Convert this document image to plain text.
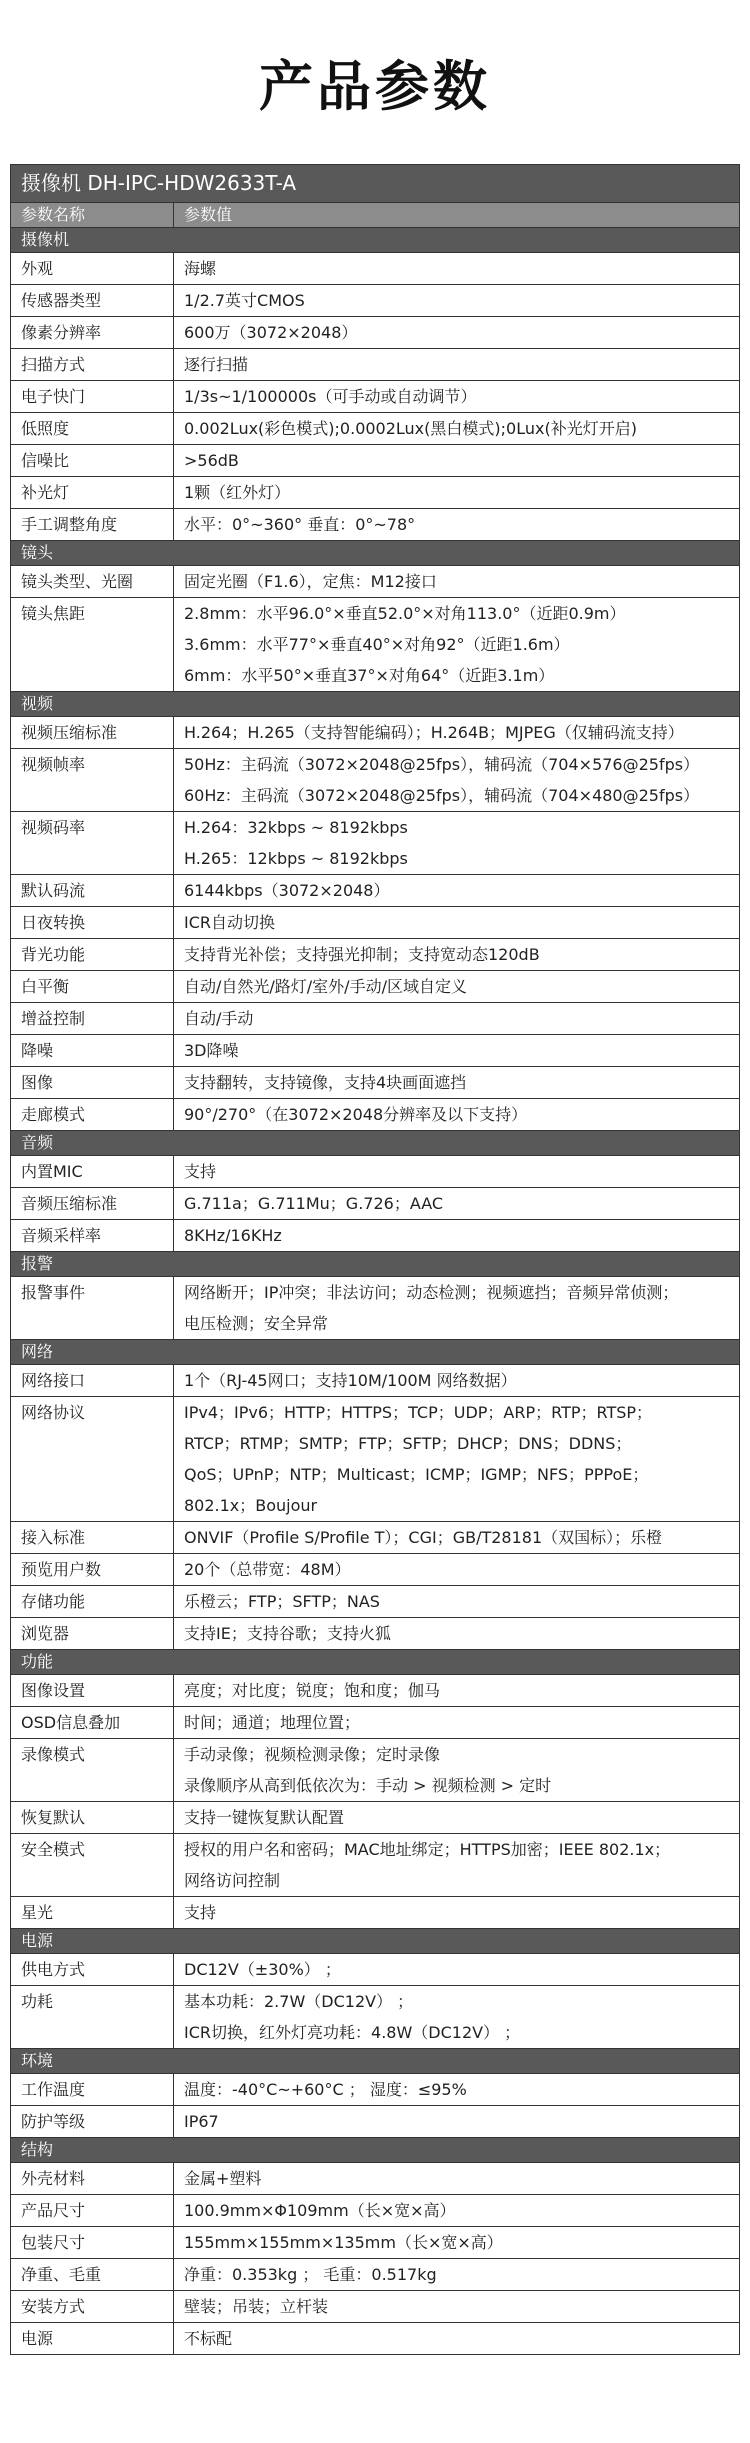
产品参数
摄像机 DH-IPC-HDW2633T-A	
参数名称	参数值
摄像机	
外观	海螺

传感器类型	1/2.7英寸CMOS

像素分辨率	600万（3072×2048）

扫描方式	逐行扫描

电子快门	1/3s~1/100000s（可手动或自动调节）

低照度	0.002Lux(彩色模式);0.0002Lux(黑白模式);0Lux(补光灯开启)

信噪比	>56dB

补光灯	1颗（红外灯）

手工调整角度	水平：0°~360° 垂直：0°~78°

镜头	
镜头类型、光圈	固定光圈（F1.6），定焦：M12接口

镜头焦距	2.8mm：水平96.0°×垂直52.0°×对角113.0°（近距0.9m）
3.6mm：水平77°×垂直40°×对角92°（近距1.6m）
6mm：水平50°×垂直37°×对角64°（近距3.1m）

视频	
视频压缩标准	H.264；H.265（支持智能编码）；H.264B；MJPEG（仅辅码流支持）

视频帧率	50Hz：主码流（3072×2048@25fps），辅码流（704×576@25fps）
60Hz：主码流（3072×2048@25fps），辅码流（704×480@25fps）

视频码率	H.264：32kbps ~ 8192kbps
H.265：12kbps ~ 8192kbps

默认码流	6144kbps（3072×2048）

日夜转换	ICR自动切换

背光功能	支持背光补偿；支持强光抑制；支持宽动态120dB

白平衡	自动/自然光/路灯/室外/手动/区域自定义

增益控制	自动/手动

降噪	3D降噪

图像	支持翻转，支持镜像，支持4块画面遮挡

走廊模式	90°/270°（在3072×2048分辨率及以下支持）

音频	
内置MIC	支持

音频压缩标准	G.711a；G.711Mu；G.726；AAC

音频采样率	8KHz/16KHz

报警	
报警事件	网络断开；IP冲突；非法访问；动态检测；视频遮挡；音频异常侦测；
电压检测；安全异常

网络	
网络接口	1个（RJ-45网口；支持10M/100M 网络数据）

网络协议	IPv4；IPv6；HTTP；HTTPS；TCP；UDP；ARP；RTP；RTSP；
RTCP；RTMP；SMTP；FTP；SFTP；DHCP；DNS；DDNS；
QoS；UPnP；NTP；Multicast；ICMP；IGMP；NFS；PPPoE；
802.1x；Boujour

接入标准	ONVIF（Profile S/Profile T）；CGI；GB/T28181（双国标）；乐橙

预览用户数	20个（总带宽：48M）

存储功能	乐橙云；FTP；SFTP；NAS

浏览器	支持IE；支持谷歌；支持火狐

功能	
图像设置	亮度；对比度；锐度；饱和度；伽马

OSD信息叠加	时间；通道；地理位置；

录像模式	手动录像；视频检测录像；定时录像
录像顺序从高到低依次为：手动 > 视频检测 > 定时

恢复默认	支持一键恢复默认配置

安全模式	授权的用户名和密码；MAC地址绑定；HTTPS加密；IEEE 802.1x；
网络访问控制

星光	支持

电源	
供电方式	DC12V（±30%） ；

功耗	基本功耗：2.7W（DC12V） ；
ICR切换，红外灯亮功耗：4.8W（DC12V） ；

环境	
工作温度	温度：-40°C~+60°C ； 湿度：≤95%

防护等级	IP67

结构	
外壳材料	金属+塑料

产品尺寸	100.9mm×Φ109mm（长×宽×高）

包装尺寸	155mm×155mm×135mm（长×宽×高）

净重、毛重	净重：0.353kg ； 毛重：0.517kg

安装方式	壁装；吊装；立杆装

电源	不标配
